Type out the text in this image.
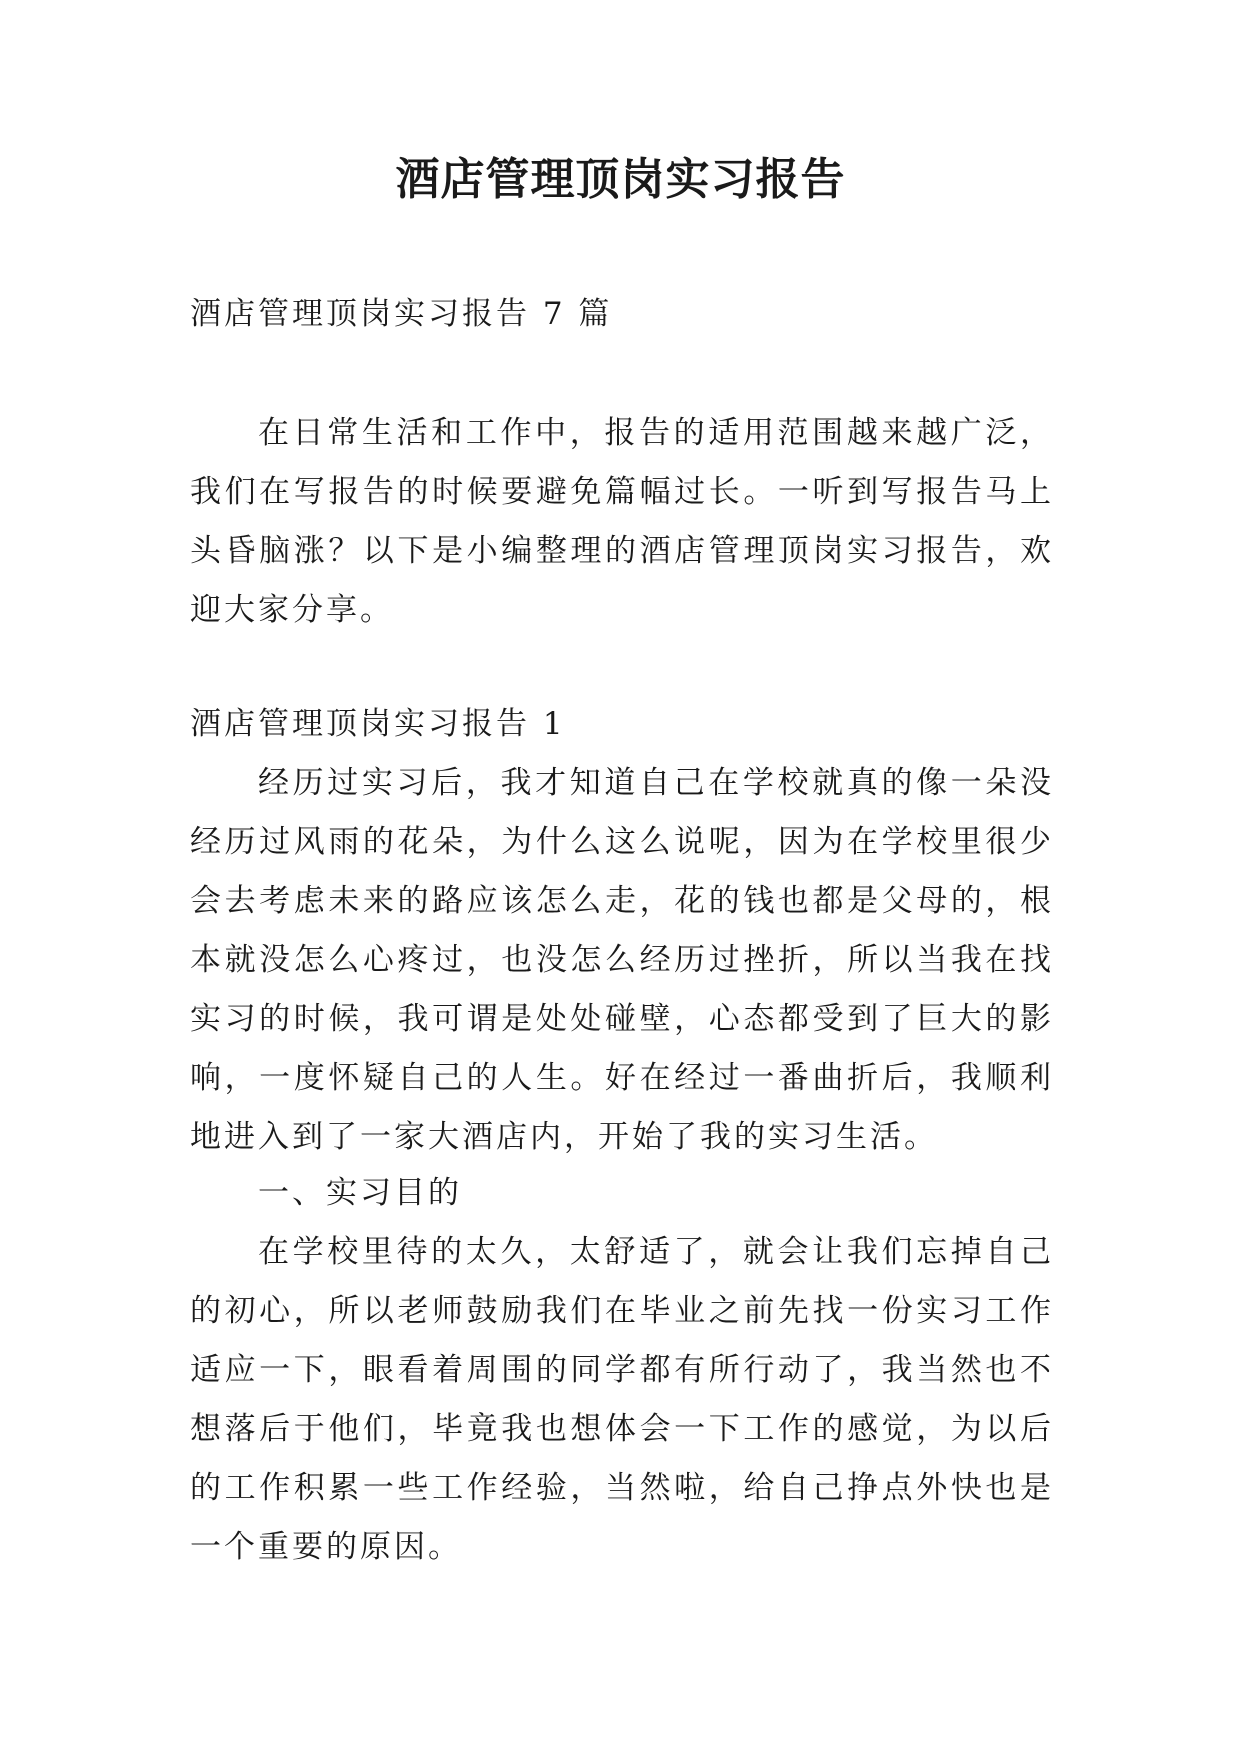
酒店管理顶岗实习报告

酒店管理顶岗实习报告 7 篇

在日常生活和工作中，报告的适用范围越来越广泛，我们在写报告的时候要避免篇幅过长。一听到写报告马上头昏脑涨？以下是小编整理的酒店管理顶岗实习报告，欢迎大家分享。

酒店管理顶岗实习报告 1

经历过实习后，我才知道自己在学校就真的像一朵没经历过风雨的花朵，为什么这么说呢，因为在学校里很少会去考虑未来的路应该怎么走，花的钱也都是父母的，根本就没怎么心疼过，也没怎么经历过挫折，所以当我在找实习的时候，我可谓是处处碰壁，心态都受到了巨大的影响，一度怀疑自己的人生。好在经过一番曲折后，我顺利地进入到了一家大酒店内，开始了我的实习生活。

一、实习目的

在学校里待的太久，太舒适了，就会让我们忘掉自己的初心，所以老师鼓励我们在毕业之前先找一份实习工作适应一下，眼看着周围的同学都有所行动了，我当然也不想落后于他们，毕竟我也想体会一下工作的感觉，为以后的工作积累一些工作经验，当然啦，给自己挣点外快也是一个重要的原因。
